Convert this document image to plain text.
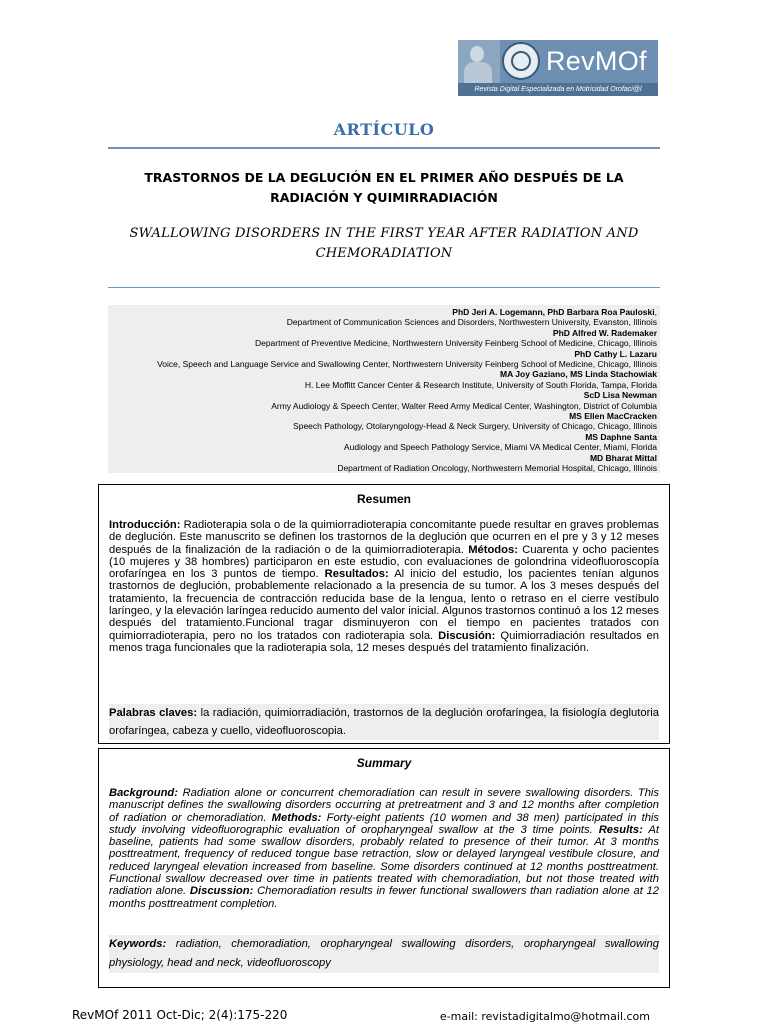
RevMOf
Revista Digital Especializada en Motricidad Orofaci@l
ARTÍCULO
TRASTORNOS DE LA DEGLUCIÓN EN EL PRIMER AÑO DESPUÉS DE LA RADIACIÓN Y QUIMIRRADIACIÓN
SWALLOWING DISORDERS IN THE FIRST YEAR AFTER RADIATION AND CHEMORADIATION
PhD Jeri A. Logemann, PhD Barbara Roa Pauloski,
Department of Communication Sciences and Disorders, Northwestern University, Evanston, Illinois
PhD Alfred W. Rademaker
Department of Preventive Medicine, Northwestern University Feinberg School of Medicine, Chicago, Illinois
PhD Cathy L. Lazaru
Voice, Speech and Language Service and Swallowing Center, Northwestern University Feinberg School of Medicine, Chicago, Illinois
MA Joy Gaziano, MS Linda Stachowiak
H. Lee Moffitt Cancer Center & Research Institute, University of South Florida, Tampa, Florida
ScD Lisa Newman
Army Audiology & Speech Center, Walter Reed Army Medical Center, Washington, District of Columbia
MS Ellen MacCracken
Speech Pathology, Otolaryngology-Head & Neck Surgery, University of Chicago, Chicago, Illinois
MS Daphne Santa
Audiology and Speech Pathology Service, Miami VA Medical Center, Miami, Florida
MD Bharat Mittal
Department of Radiation Oncology, Northwestern Memorial Hospital, Chicago, Illinois
Resumen
Introducción: Radioterapia sola o de la quimiorradioterapia concomitante puede resultar en graves problemas de deglución. Este manuscrito se definen los trastornos de la deglución que ocurren en el pre y 3 y 12 meses después de la finalización de la radiación o de la quimiorradioterapia. Métodos: Cuarenta y ocho pacientes (10 mujeres y 38 hombres) participaron en este estudio, con evaluaciones de golondrina videofluoroscopía orofaríngea en los 3 puntos de tiempo. Resultados: Al inicio del estudio, los pacientes tenían algunos trastornos de deglución, probablemente relacionado a la presencia de su tumor. A los 3 meses después del tratamiento, la frecuencia de contracción reducida base de la lengua, lento o retraso en el cierre vestíbulo laríngeo, y la elevación laríngea reducido aumento del valor inicial. Algunos trastornos continuó a los 12 meses después del tratamiento.Funcional tragar disminuyeron con el tiempo en pacientes tratados con quimiorradioterapia, pero no los tratados con radioterapia sola. Discusión: Quimiorradiación resultados en menos traga funcionales que la radioterapia sola, 12 meses después del tratamiento finalización.
Palabras claves: la radiación, quimiorradiación, trastornos de la deglución orofaríngea, la fisiología deglutoria orofaríngea, cabeza y cuello, videofluoroscopia.
Summary
Background: Radiation alone or concurrent chemoradiation can result in severe swallowing disorders. This manuscript defines the swallowing disorders occurring at pretreatment and 3 and 12 months after completion of radiation or chemoradiation. Methods: Forty-eight patients (10 women and 38 men) participated in this study involving videofluorographic evaluation of oropharyngeal swallow at the 3 time points. Results: At baseline, patients had some swallow disorders, probably related to presence of their tumor. At 3 months posttreatment, frequency of reduced tongue base retraction, slow or delayed laryngeal vestibule closure, and reduced laryngeal elevation increased from baseline. Some disorders continued at 12 months posttreatment. Functional swallow decreased over time in patients treated with chemoradiation, but not those treated with radiation alone. Discussion: Chemoradiation results in fewer functional swallowers than radiation alone at 12 months posttreatment completion.
Keywords: radiation, chemoradiation, oropharyngeal swallowing disorders, oropharyngeal swallowing physiology, head and neck, videofluoroscopy
RevMOf 2011 Oct-Dic; 2(4):175-220	e-mail: revistadigitalmo@hotmail.com
